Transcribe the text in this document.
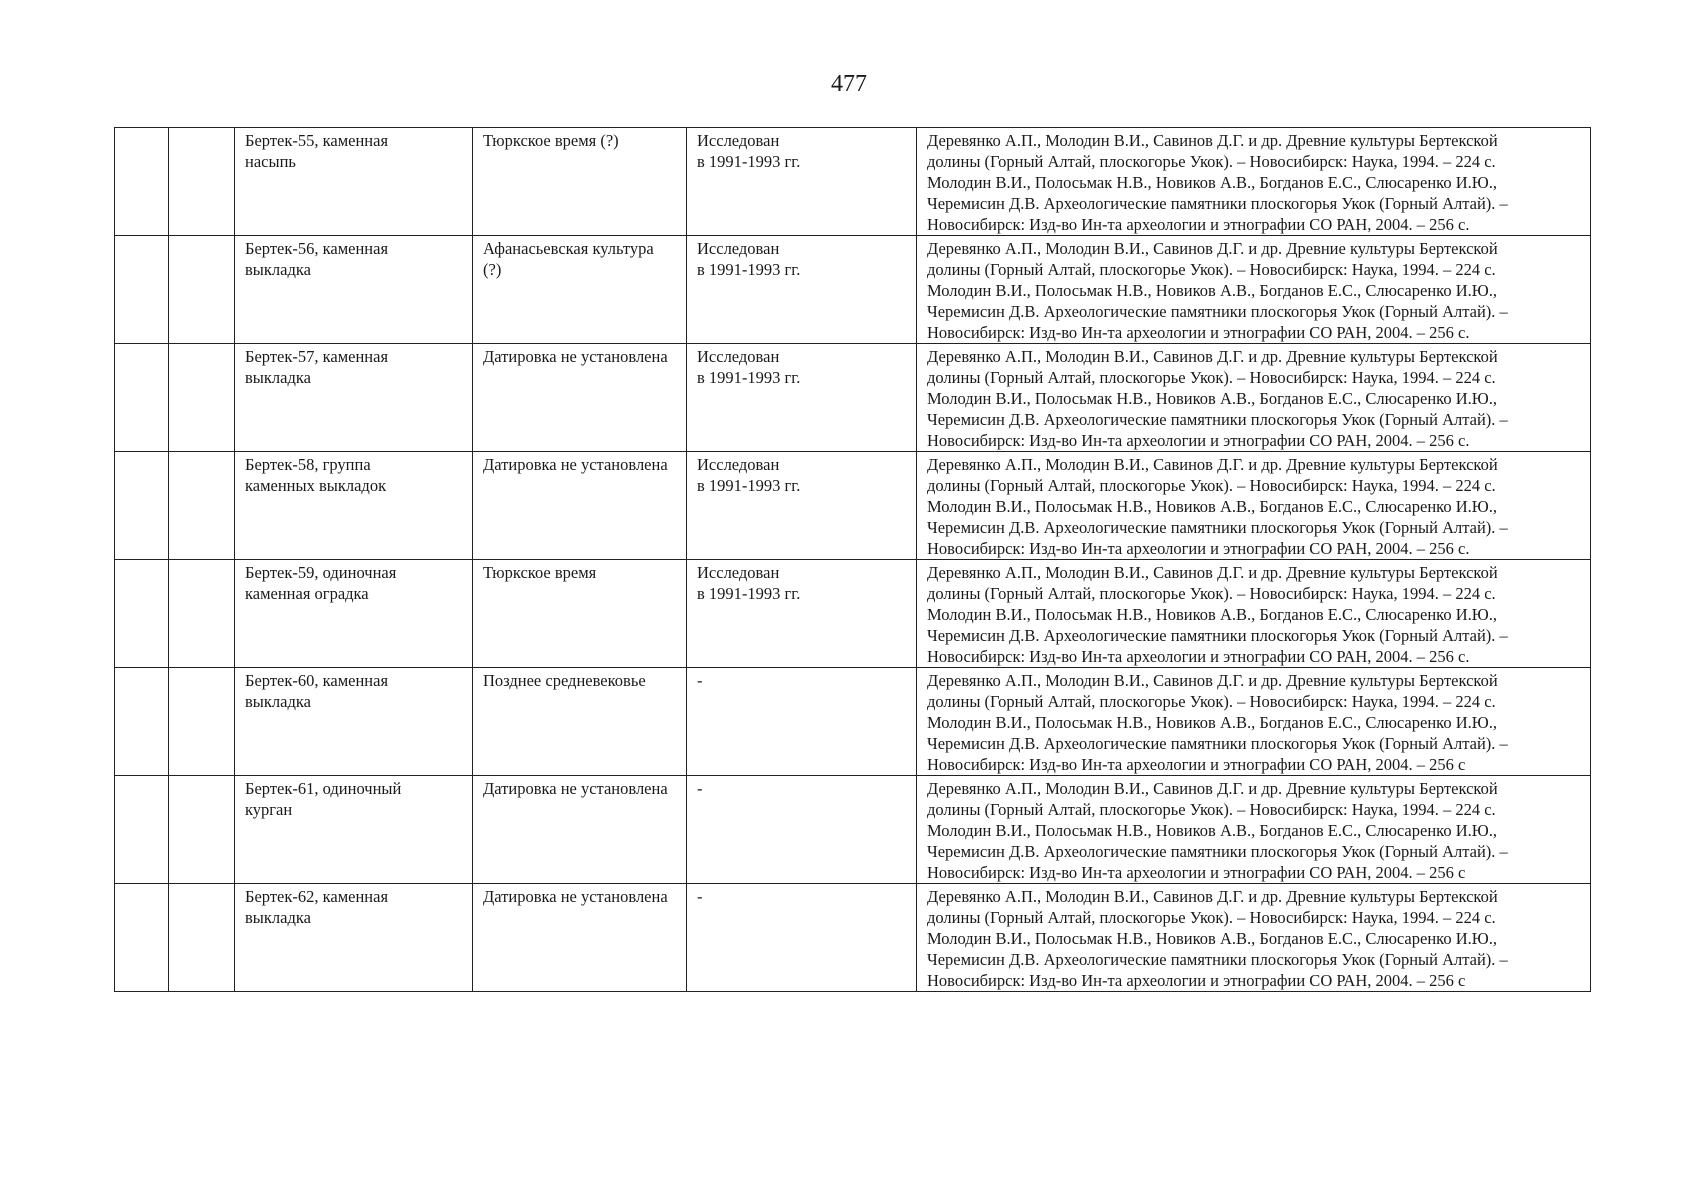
477

		Бертек-55, каменная
насыпь	Тюркское время (?)	Исследован
в 1991-1993 гг.	Деревянко А.П., Молодин В.И., Савинов Д.Г. и др. Древние культуры Бертекской
долины (Горный Алтай, плоскогорье Укок). – Новосибирск: Наука, 1994. – 224 с.
Молодин В.И., Полосьмак Н.В., Новиков А.В., Богданов Е.С., Слюсаренко И.Ю.,
Черемисин Д.В. Археологические памятники плоскогорья Укок (Горный Алтай). –
Новосибирск: Изд-во Ин-та археологии и этнографии СО РАН, 2004. – 256 с.

		Бертек-56, каменная
выкладка	Афанасьевская культура (?)	Исследован
в 1991-1993 гг.	Деревянко А.П., Молодин В.И., Савинов Д.Г. и др. Древние культуры Бертекской
долины (Горный Алтай, плоскогорье Укок). – Новосибирск: Наука, 1994. – 224 с.
Молодин В.И., Полосьмак Н.В., Новиков А.В., Богданов Е.С., Слюсаренко И.Ю.,
Черемисин Д.В. Археологические памятники плоскогорья Укок (Горный Алтай). –
Новосибирск: Изд-во Ин-та археологии и этнографии СО РАН, 2004. – 256 с.

		Бертек-57, каменная
выкладка	Датировка не установлена	Исследован
в 1991-1993 гг.	Деревянко А.П., Молодин В.И., Савинов Д.Г. и др. Древние культуры Бертекской
долины (Горный Алтай, плоскогорье Укок). – Новосибирск: Наука, 1994. – 224 с.
Молодин В.И., Полосьмак Н.В., Новиков А.В., Богданов Е.С., Слюсаренко И.Ю.,
Черемисин Д.В. Археологические памятники плоскогорья Укок (Горный Алтай). –
Новосибирск: Изд-во Ин-та археологии и этнографии СО РАН, 2004. – 256 с.

		Бертек-58, группа
каменных выкладок	Датировка не установлена	Исследован
в 1991-1993 гг.	Деревянко А.П., Молодин В.И., Савинов Д.Г. и др. Древние культуры Бертекской
долины (Горный Алтай, плоскогорье Укок). – Новосибирск: Наука, 1994. – 224 с.
Молодин В.И., Полосьмак Н.В., Новиков А.В., Богданов Е.С., Слюсаренко И.Ю.,
Черемисин Д.В. Археологические памятники плоскогорья Укок (Горный Алтай). –
Новосибирск: Изд-во Ин-та археологии и этнографии СО РАН, 2004. – 256 с.

		Бертек-59, одиночная
каменная оградка	Тюркское время	Исследован
в 1991-1993 гг.	Деревянко А.П., Молодин В.И., Савинов Д.Г. и др. Древние культуры Бертекской
долины (Горный Алтай, плоскогорье Укок). – Новосибирск: Наука, 1994. – 224 с.
Молодин В.И., Полосьмак Н.В., Новиков А.В., Богданов Е.С., Слюсаренко И.Ю.,
Черемисин Д.В. Археологические памятники плоскогорья Укок (Горный Алтай). –
Новосибирск: Изд-во Ин-та археологии и этнографии СО РАН, 2004. – 256 с.

		Бертек-60, каменная
выкладка	Позднее средневековье	-	Деревянко А.П., Молодин В.И., Савинов Д.Г. и др. Древние культуры Бертекской
долины (Горный Алтай, плоскогорье Укок). – Новосибирск: Наука, 1994. – 224 с.
Молодин В.И., Полосьмак Н.В., Новиков А.В., Богданов Е.С., Слюсаренко И.Ю.,
Черемисин Д.В. Археологические памятники плоскогорья Укок (Горный Алтай). –
Новосибирск: Изд-во Ин-та археологии и этнографии СО РАН, 2004. – 256 с

		Бертек-61, одиночный
курган	Датировка не установлена	-	Деревянко А.П., Молодин В.И., Савинов Д.Г. и др. Древние культуры Бертекской
долины (Горный Алтай, плоскогорье Укок). – Новосибирск: Наука, 1994. – 224 с.
Молодин В.И., Полосьмак Н.В., Новиков А.В., Богданов Е.С., Слюсаренко И.Ю.,
Черемисин Д.В. Археологические памятники плоскогорья Укок (Горный Алтай). –
Новосибирск: Изд-во Ин-та археологии и этнографии СО РАН, 2004. – 256 с

		Бертек-62, каменная
выкладка	Датировка не установлена	-	Деревянко А.П., Молодин В.И., Савинов Д.Г. и др. Древние культуры Бертекской
долины (Горный Алтай, плоскогорье Укок). – Новосибирск: Наука, 1994. – 224 с.
Молодин В.И., Полосьмак Н.В., Новиков А.В., Богданов Е.С., Слюсаренко И.Ю.,
Черемисин Д.В. Археологические памятники плоскогорья Укок (Горный Алтай). –
Новосибирск: Изд-во Ин-та археологии и этнографии СО РАН, 2004. – 256 с
